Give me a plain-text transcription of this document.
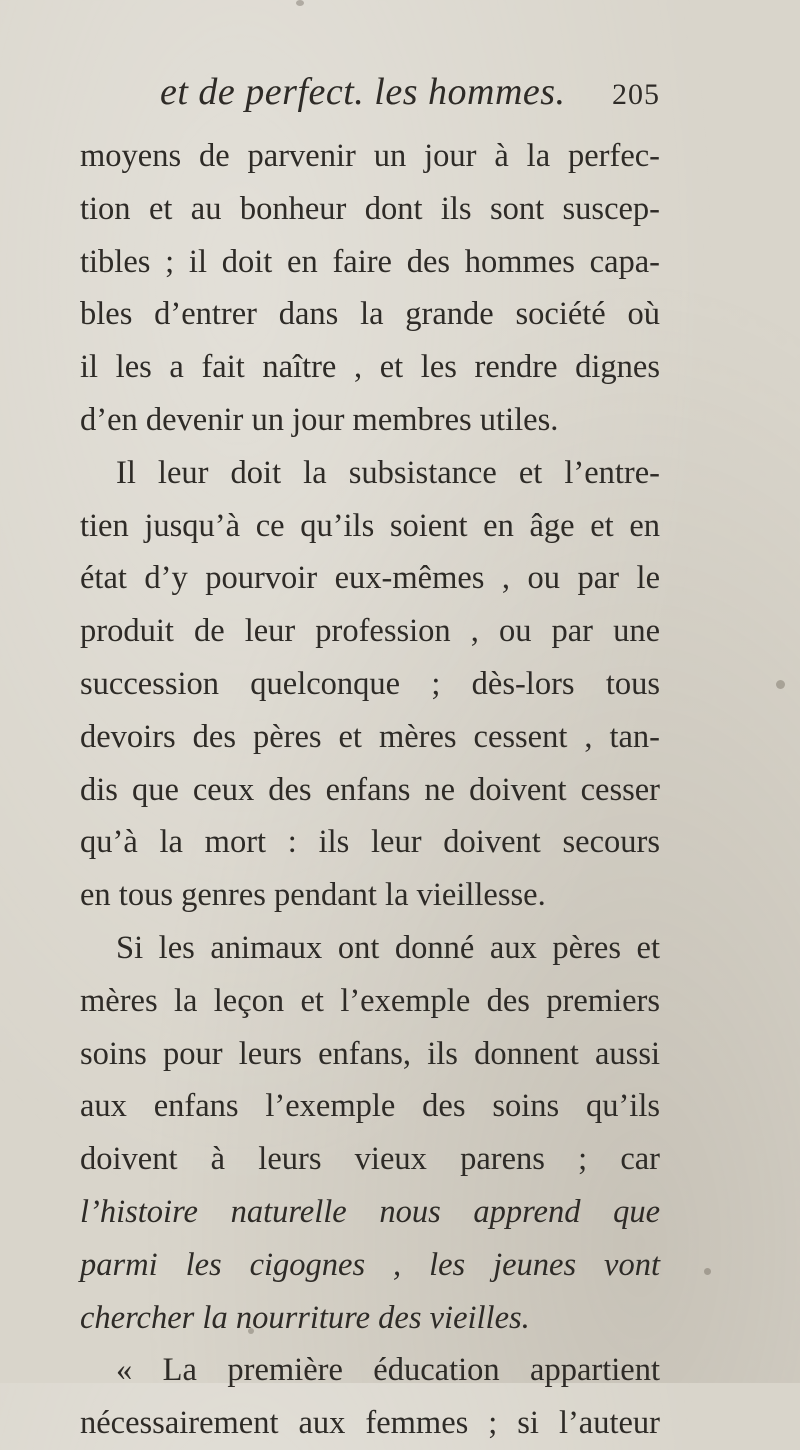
et de perfect. les hommes. 205
moyens de parvenir un jour à la perfec-
tion et au bonheur dont ils sont suscep-
tibles ; il doit en faire des hommes capa-
bles d’entrer dans la grande société où
il les a fait naître , et les rendre dignes
d’en devenir un jour membres utiles.
Il leur doit la subsistance et l’entre-
tien jusqu’à ce qu’ils soient en âge et en
état d’y pourvoir eux-mêmes , ou par le
produit de leur profession , ou par une
succession quelconque ; dès-lors tous
devoirs des pères et mères cessent , tan-
dis que ceux des enfans ne doivent cesser
qu’à la mort : ils leur doivent secours
en tous genres pendant la vieillesse.
Si les animaux ont donné aux pères et
mères la leçon et l’exemple des premiers
soins pour leurs enfans, ils donnent aussi
aux enfans l’exemple des soins qu’ils
doivent à leurs vieux parens ; car
l’histoire naturelle nous apprend que
parmi les cigognes , les jeunes vont
chercher la nourriture des vieilles.
« La première éducation appartient
nécessairement aux femmes ; si l’auteur
